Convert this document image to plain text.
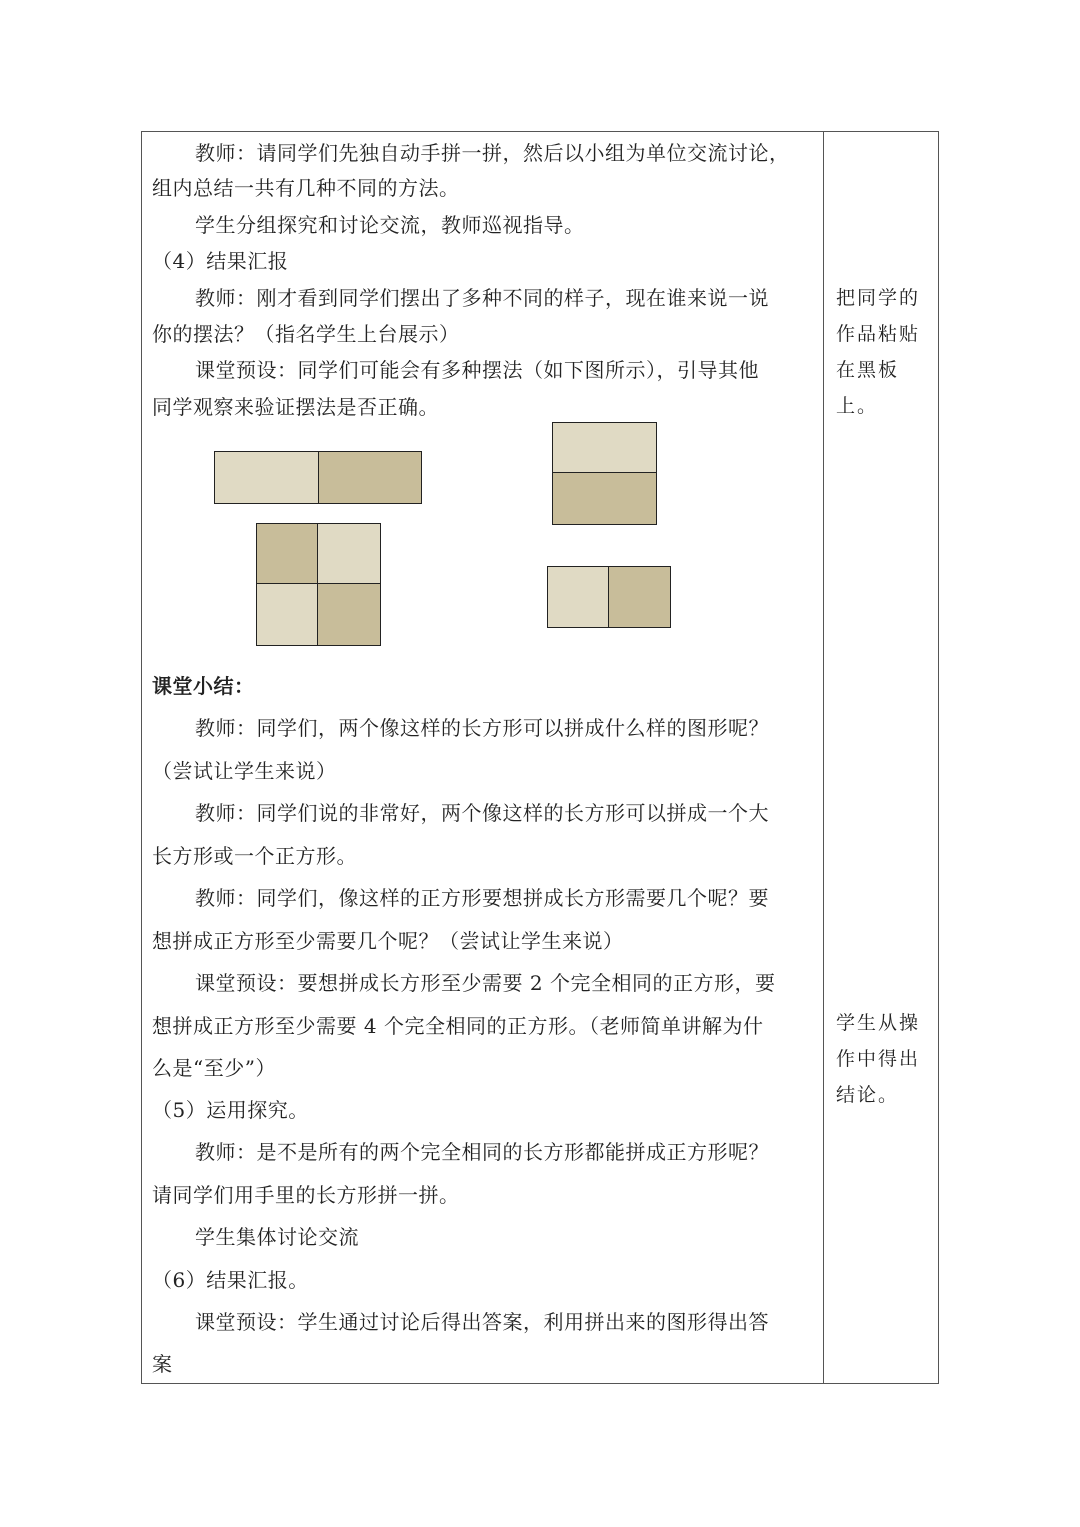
教师：请同学们先独自动手拼一拼，然后以小组为单位交流讨论，
组内总结一共有几种不同的方法。
学生分组探究和讨论交流，教师巡视指导。
（4）结果汇报
教师：刚才看到同学们摆出了多种不同的样子，现在谁来说一说
你的摆法？（指名学生上台展示）
课堂预设：同学们可能会有多种摆法（如下图所示），引导其他
同学观察来验证摆法是否正确。
课堂小结：
教师：同学们，两个像这样的长方形可以拼成什么样的图形呢？
（尝试让学生来说）
教师：同学们说的非常好，两个像这样的长方形可以拼成一个大
长方形或一个正方形。
教师：同学们，像这样的正方形要想拼成长方形需要几个呢？要
想拼成正方形至少需要几个呢？（尝试让学生来说）
课堂预设：要想拼成长方形至少需要 2 个完全相同的正方形，要
想拼成正方形至少需要 4 个完全相同的正方形。（老师简单讲解为什
么是“至少”）
（5）运用探究。
教师：是不是所有的两个完全相同的长方形都能拼成正方形呢？
请同学们用手里的长方形拼一拼。
学生集体讨论交流
（6）结果汇报。
课堂预设：学生通过讨论后得出答案，利用拼出来的图形得出答
案
把同学的
作品粘贴
在黑板
上。
学生从操
作中得出
结论。
